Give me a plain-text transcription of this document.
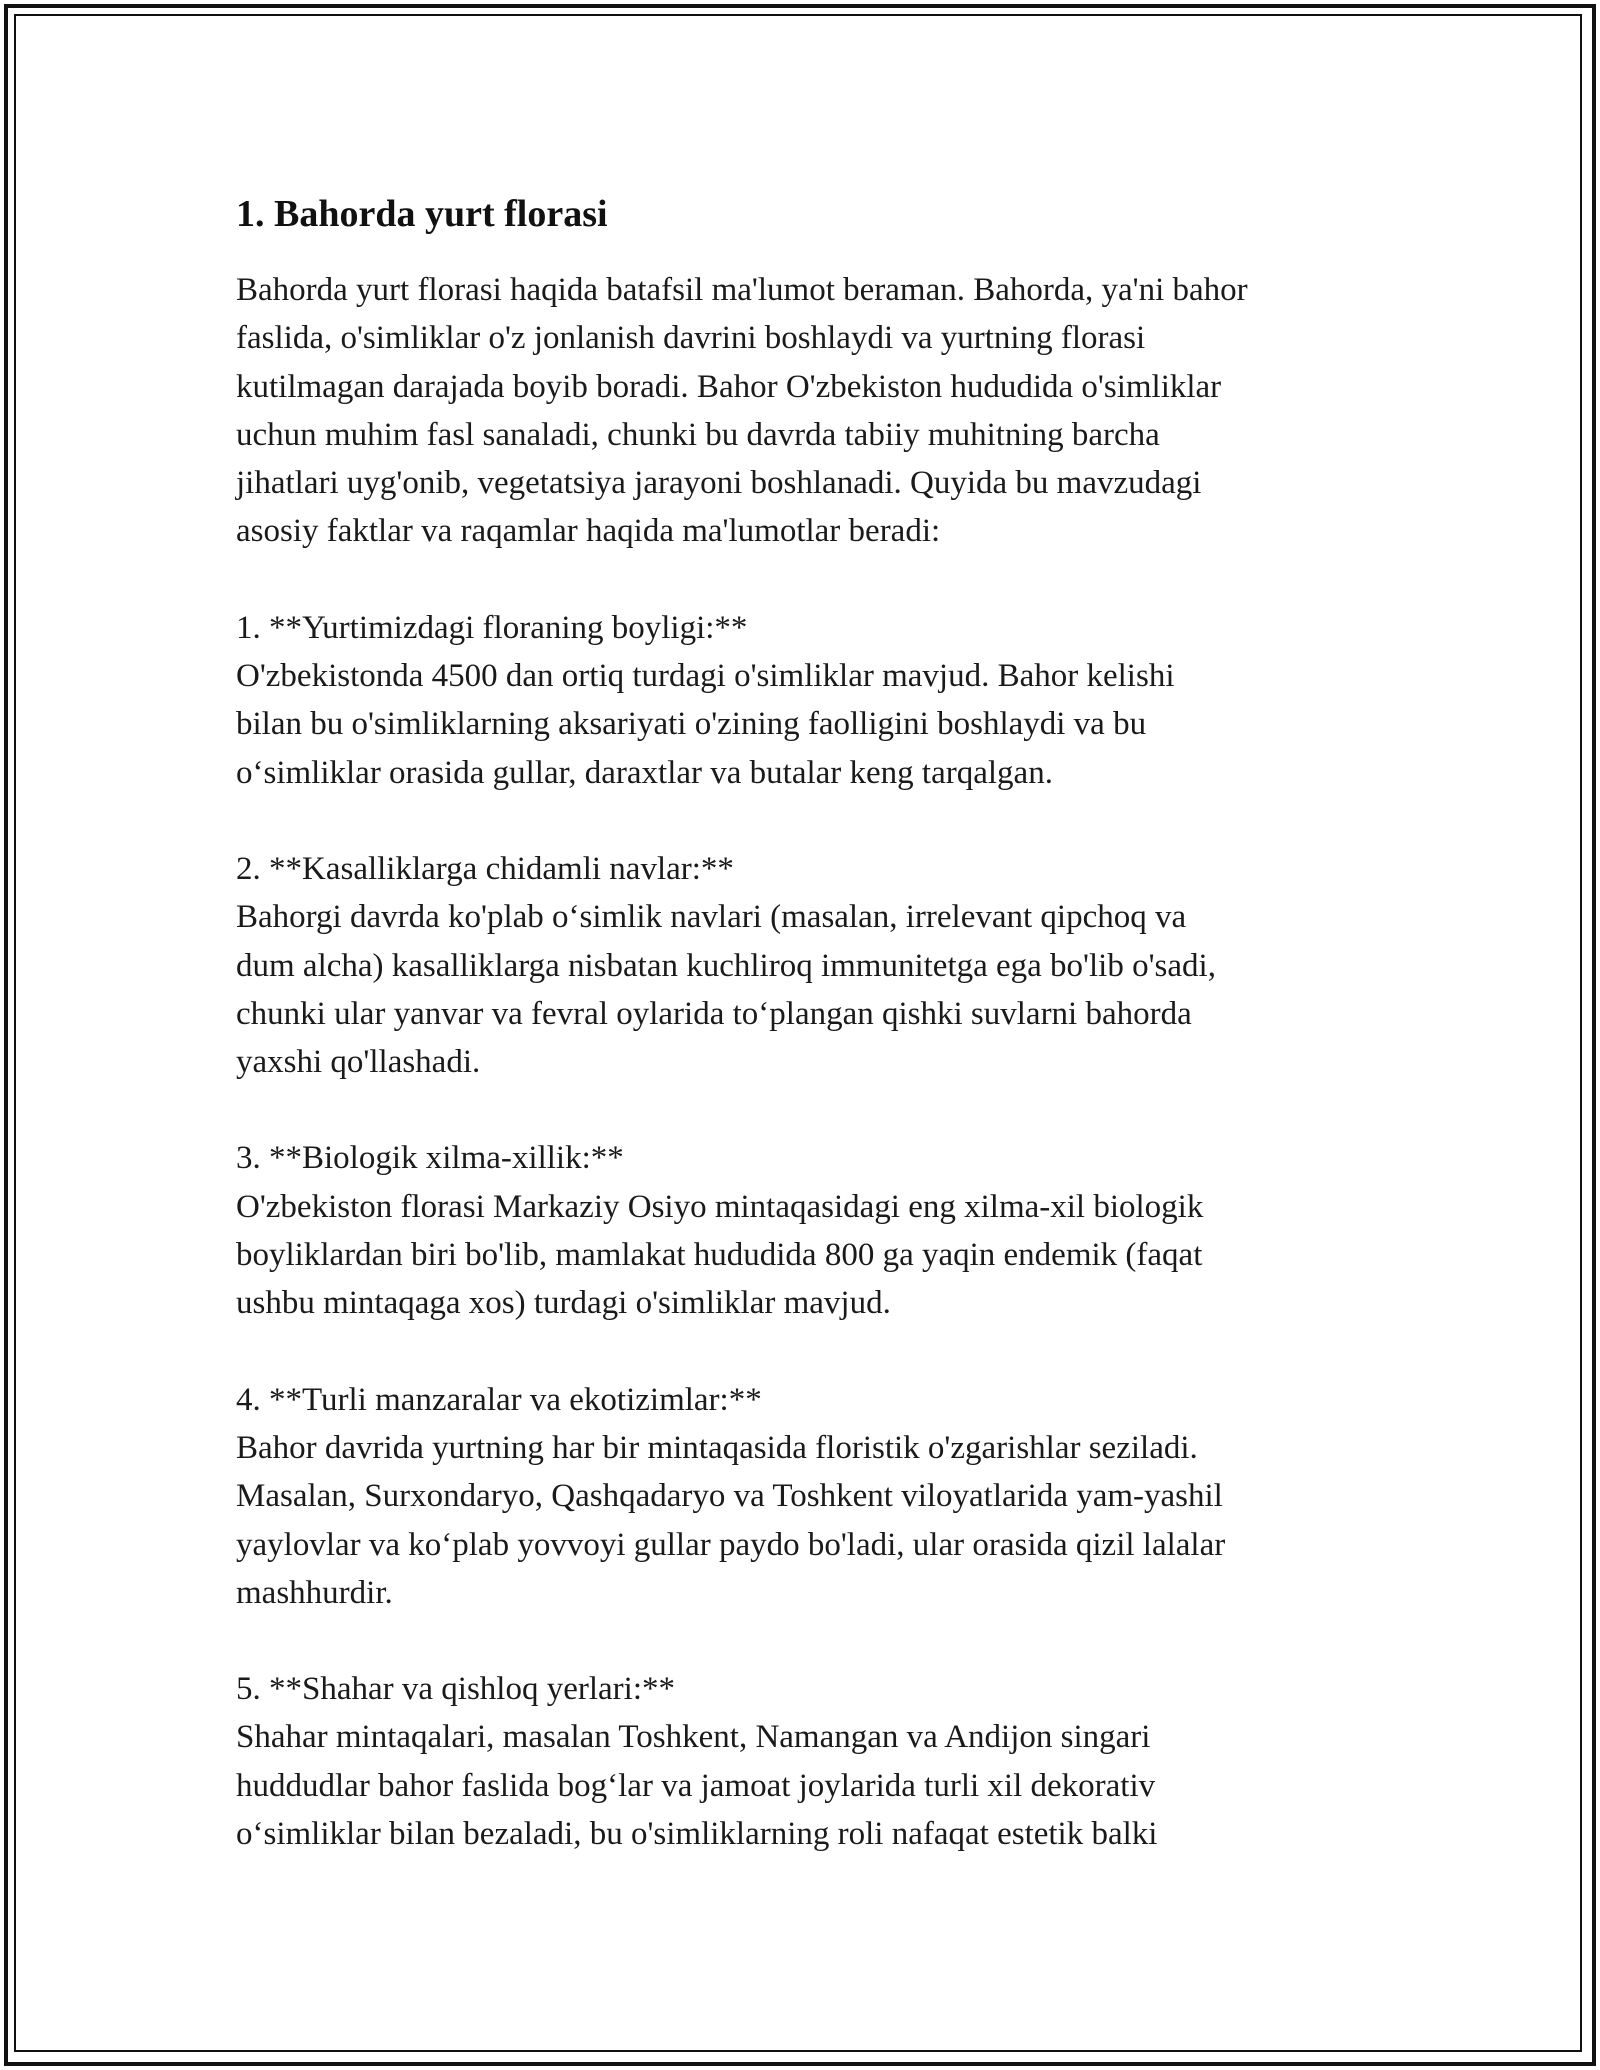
1. Bahorda yurt florasi

Bahorda yurt florasi haqida batafsil ma'lumot beraman. Bahorda, ya'ni bahor
faslida, o'simliklar o'z jonlanish davrini boshlaydi va yurtning florasi
kutilmagan darajada boyib boradi. Bahor O'zbekiston hududida o'simliklar
uchun muhim fasl sanaladi, chunki bu davrda tabiiy muhitning barcha
jihatlari uyg'onib, vegetatsiya jarayoni boshlanadi. Quyida bu mavzudagi
asosiy faktlar va raqamlar haqida ma'lumotlar beradi:

1. **Yurtimizdagi floraning boyligi:**
O'zbekistonda 4500 dan ortiq turdagi o'simliklar mavjud. Bahor kelishi
bilan bu o'simliklarning aksariyati o'zining faolligini boshlaydi va bu
o‘simliklar orasida gullar, daraxtlar va butalar keng tarqalgan.
2. **Kasalliklarga chidamli navlar:**
Bahorgi davrda ko'plab o‘simlik navlari (masalan, irrelevant qipchoq va
dum alcha) kasalliklarga nisbatan kuchliroq immunitetga ega bo'lib o'sadi,
chunki ular yanvar va fevral oylarida to‘plangan qishki suvlarni bahorda
yaxshi qo'llashadi.
3. **Biologik xilma-xillik:**
O'zbekiston florasi Markaziy Osiyo mintaqasidagi eng xilma-xil biologik
boyliklardan biri bo'lib, mamlakat hududida 800 ga yaqin endemik (faqat
ushbu mintaqaga xos) turdagi o'simliklar mavjud.
4. **Turli manzaralar va ekotizimlar:**
Bahor davrida yurtning har bir mintaqasida floristik o'zgarishlar seziladi.
Masalan, Surxondaryo, Qashqadaryo va Toshkent viloyatlarida yam-yashil
yaylovlar va ko‘plab yovvoyi gullar paydo bo'ladi, ular orasida qizil lalalar
mashhurdir.
5. **Shahar va qishloq yerlari:**
Shahar mintaqalari, masalan Toshkent, Namangan va Andijon singari
huddudlar bahor faslida bog‘lar va jamoat joylarida turli xil dekorativ
o‘simliklar bilan bezaladi, bu o'simliklarning roli nafaqat estetik balki
